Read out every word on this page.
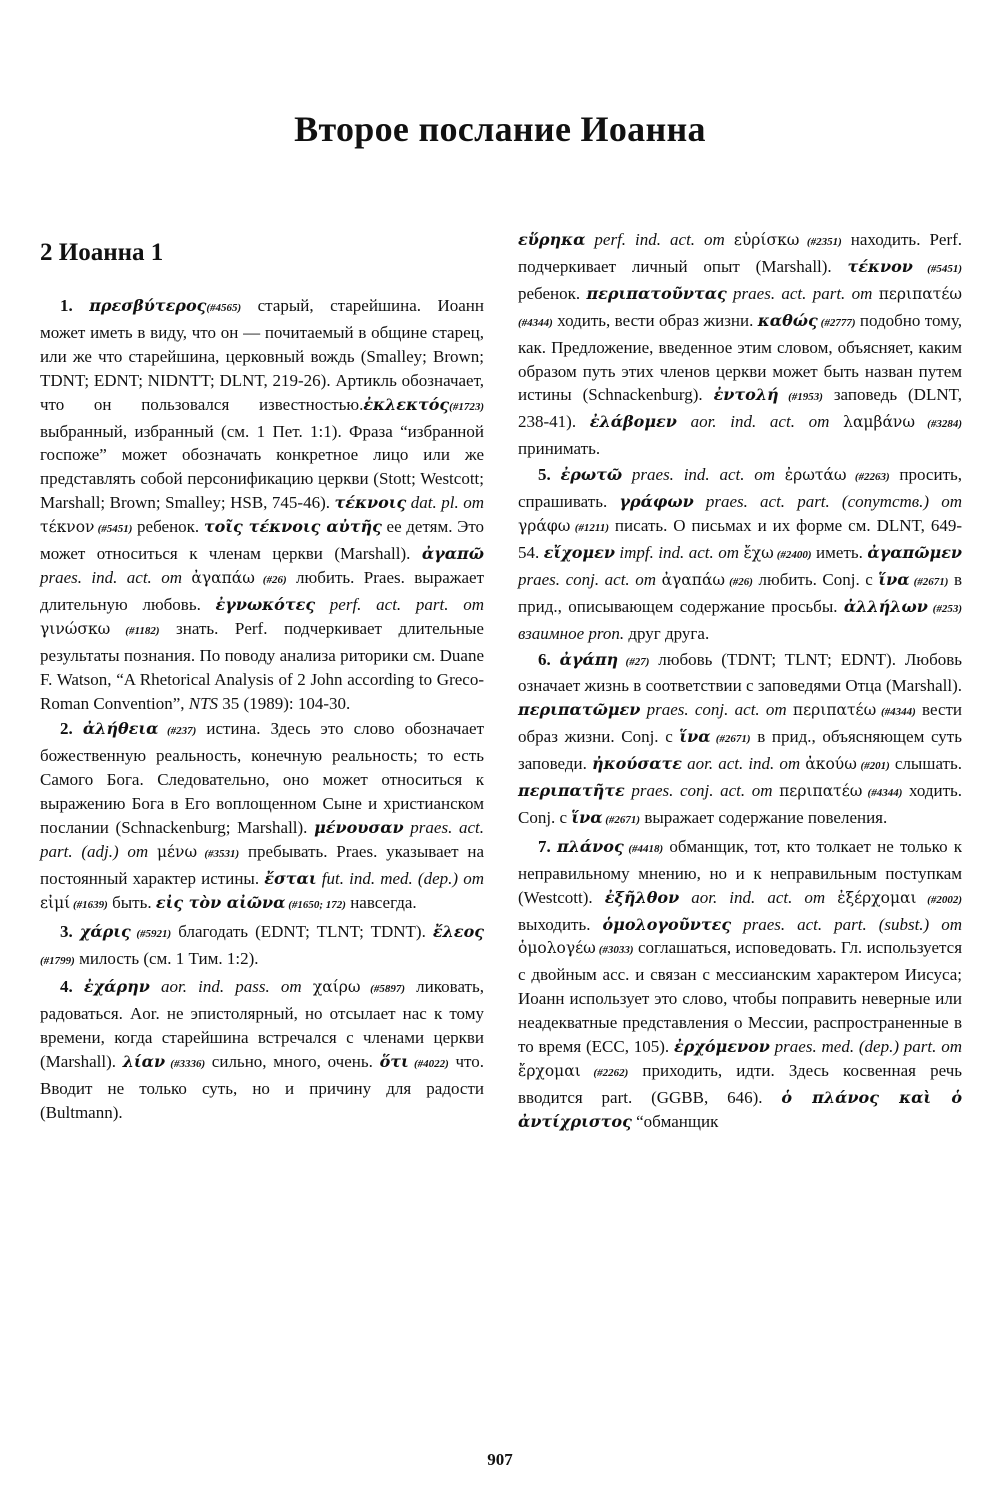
Второе послание Иоанна
2 Иоанна 1

1. πρεσβύτερος(#4565) старый, старейшина. Иоанн может иметь в виду, что он — почитаемый в общине старец, или же что старейшина, церковный вождь (Smalley; Brown; TDNT; EDNT; NIDNTT; DLNT, 219-26). Артикль обозначает, что он пользовался известностью.ἐκλεκτός(#1723) выбранный, избранный (см. 1 Пет. 1:1). Фраза “избранной госпоже” может обозначать конкретное лицо или же представлять собой персонификацию церкви (Stott; Westcott; Marshall; Brown; Smalley; HSB, 745-46). τέκνοις dat. pl. от τέκνον (#5451) ребенок. τοῖς τέκνοις αὐτῆς ее детям. Это может относиться к членам церкви (Marshall). ἀγαπῶ praes. ind. act. от ἀγαπάω (#26) любить. Praes. выражает длительную любовь. ἐγνωκότες perf. act. part. от γινώσκω (#1182) знать. Perf. подчеркивает длительные результаты познания. По поводу анализа риторики см. Duane F. Watson, “A Rhetorical Analysis of 2 John according to Greco-Roman Convention”, NTS 35 (1989): 104-30.

2. ἀλήθεια (#237) истина. Здесь это слово обозначает божественную реальность, конечную реальность; то есть Самого Бога. Следовательно, оно может относиться к выражению Бога в Его воплощенном Сыне и христианском послании (Schnackenburg; Marshall). μένουσαν praes. act. part. (adj.) от μένω (#3531) пребывать. Praes. указывает на постоянный характер истины. ἔσται fut. ind. med. (dep.) от εἰμί (#1639) быть. εἰς τὸν αἰῶνα (#1650; 172) навсегда.

3. χάρις (#5921) благодать (EDNT; TLNT; TDNT). ἔλεος (#1799) милость (см. 1 Тим. 1:2).

4. ἐχάρην aor. ind. pass. от χαίρω (#5897) ликовать, радоваться. Aor. не эпистолярный, но отсылает нас к тому времени, когда старейшина встречался с членами церкви (Marshall). λίαν (#3336) сильно, много, очень. ὅτι (#4022) что. Вводит не только суть, но и причину для радости (Bultmann).

εὕρηκα perf. ind. act. от εὑρίσκω (#2351) находить. Perf. подчеркивает личный опыт (Marshall). τέκνον (#5451) ребенок. περιπατοῦντας praes. act. part. от περιπατέω (#4344) ходить, вести образ жизни. καθώς (#2777) подобно тому, как. Предложение, введенное этим словом, объясняет, каким образом путь этих членов церкви может быть назван путем истины (Schnackenburg). ἐντολή (#1953) заповедь (DLNT, 238-41). ἐλάβομεν aor. ind. act. от λαμβάνω (#3284) принимать.

5. ἐρωτῶ praes. ind. act. от ἐρωτάω (#2263) просить, спрашивать. γράφων praes. act. part. (conymcmв.) от γράφω (#1211) писать. О письмах и их форме см. DLNT, 649-54. εἴχομεν impf. ind. act. от ἔχω (#2400) иметь. ἀγαπῶμεν praes. conj. act. от ἀγαπάω (#26) любить. Conj. с ἵνα (#2671) в прид., описывающем содержание просьбы. ἀλλήλων (#253) взаимное pron. друг друга.

6. ἀγάπη (#27) любовь (TDNT; TLNT; EDNT). Любовь означает жизнь в соответствии с заповедями Отца (Marshall). περιπατῶμεν praes. conj. act. от περιπατέω (#4344) вести образ жизни. Conj. с ἵνα (#2671) в прид., объясняющем суть заповеди. ἠκούσατε aor. act. ind. от ἀκούω (#201) слышать. περιπατῆτε praes. conj. act. от περιπατέω (#4344) ходить. Conj. с ἵνα (#2671) выражает содержание повеления.

7. πλάνος (#4418) обманщик, тот, кто толкает не только к неправильному мнению, но и к неправильным поступкам (Westcott). ἐξῆλθον aor. ind. act. от ἐξέρχομαι (#2002) выходить. ὁμολογοῦντες praes. act. part. (subst.) от ὁμολογέω (#3033) соглашаться, исповедовать. Гл. используется с двойным acc. и связан с мессианским характером Иисуса; Иоанн использует это слово, чтобы поправить неверные или неадекватные представления о Мессии, распространенные в то время (ECC, 105). ἐρχόμενον praes. med. (dep.) part. от ἔρχομαι (#2262) приходить, идти. Здесь косвенная речь вводится part. (GGBB, 646). ὁ πλάνος καὶ ὁ ἀντίχριστος “обманщик

907
